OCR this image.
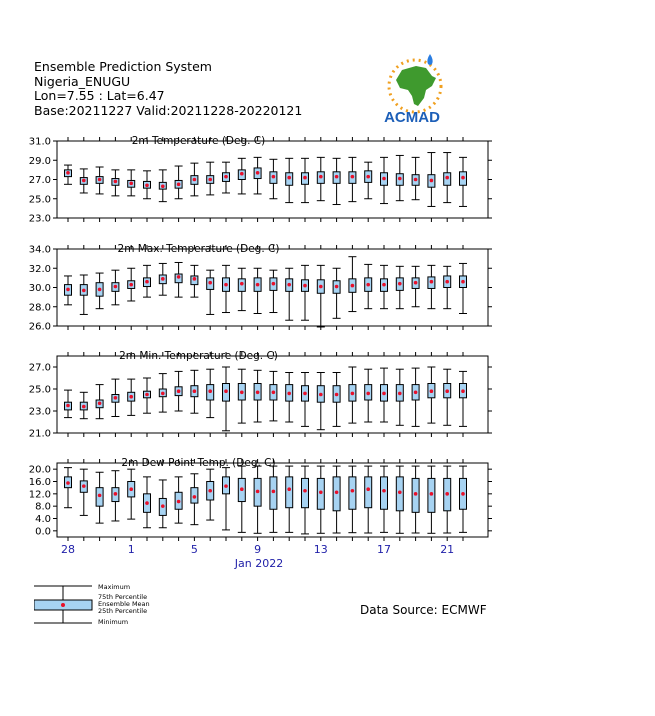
Ensemble Prediction System
Nigeria_ENUGU
Lon=7.55 : Lat=6.47
Base:20211227 Valid:20211228-20220121	ACMAD
2m Temperature (Deg. C)
31.0
29.0
27.0
25.0
23.0
2m Max. Temperature (Deg. C)
34.0
32.0
30.0
28.0
26.0
2m Min. Temperature (Deg. C)
27.0
25.0
23.0
21.0
2m Dew Point Temp. (Deg. C)
20.0
16.0
12.0
8.0
4.0
0.0
28	1	5	9	13	17	21
Jan 2022
Maximum
75th Percentile
Ensemble Mean
25th Percentile
Minimum
Data Source: ECMWF
